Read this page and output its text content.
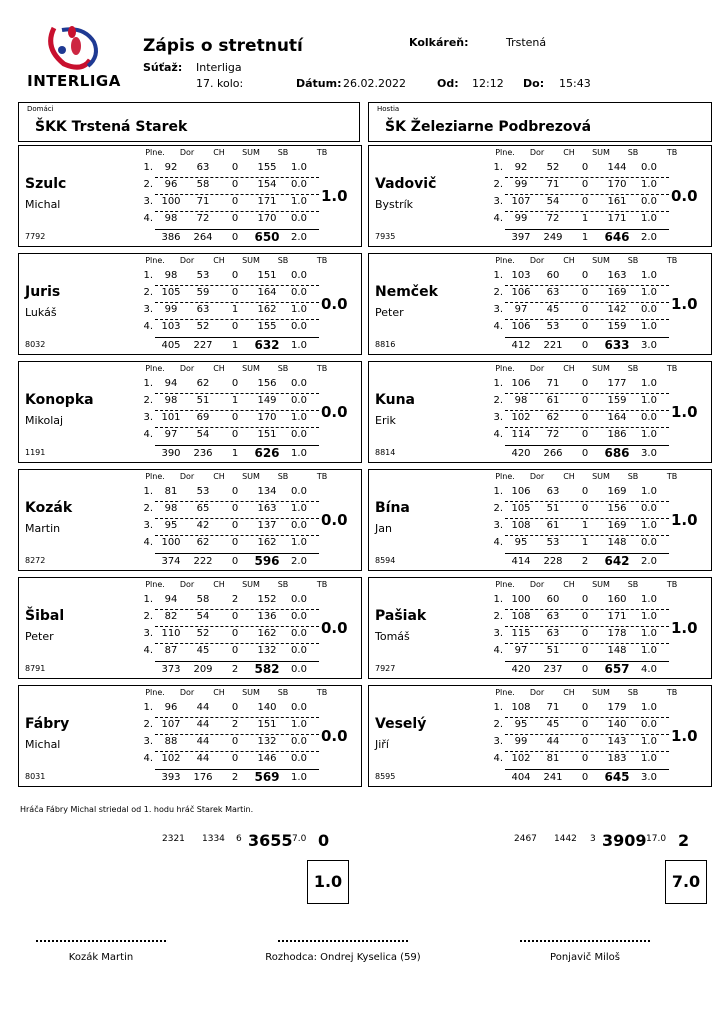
INTERLIGA
Zápis o stretnutí	Kolkáreň:	Trstená
Súťaž: Interliga
17. kolo:	Dátum: 26.02.2022	Od: 12:12 Do: 15:43
Domáci
ŠKK Trstená Starek
Hostia
ŠK Železiarne Podbrezová
Plne.	Dor	CH	SUM	SB	TB
Szulc
Michal
7792
1.	92	63	0	155	1.0
2.	96	58	0	154	0.0
3. 100	71	0	171	1.0
4.	98	72	0	170	0.0
386	264	0	650	2.0
1.0
Plne.	Dor	CH	SUM	SB	TB
Juris
Lukáš
8032
1.	98	53	0	151	0.0
2. 105	59	0	164	0.0
3.	99	63	1	162	1.0
4. 103	52	0	155	0.0
405	227	1	632	1.0
0.0
Plne.	Dor	CH	SUM	SB	TB
Konopka
Mikolaj
1191
1.	94	62	0	156	0.0
2.	98	51	1	149	0.0
3. 101	69	0	170	1.0
4.	97	54	0	151	0.0
390	236	1	626	1.0
0.0
Plne.	Dor	CH	SUM	SB	TB
Kozák
Martin
8272
1.	81	53	0	134	0.0
2.	98	65	0	163	1.0
3.	95	42	0	137	0.0
4. 100	62	0	162	1.0
374	222	0	596	2.0
0.0
Plne.	Dor	CH	SUM	SB	TB
Šibal
Peter
8791
1.	94	58	2	152	0.0
2.	82	54	0	136	0.0
3. 110	52	0	162	0.0
4.	87	45	0	132	0.0
373	209	2	582	0.0
0.0
Plne.	Dor	CH	SUM	SB	TB
Fábry
Michal
8031
1.	96	44	0	140	0.0
2. 107	44	2	151	1.0
3.	88	44	0	132	0.0
4. 102	44	0	146	0.0
393	176	2	569	1.0
0.0
Plne.	Dor	CH	SUM	SB	TB
Vadovič
Bystrík
7935
1.	92	52	0	144	0.0
2.	99	71	0	170	1.0
3. 107	54	0	161	0.0
4.	99	72	1	171	1.0
397	249	1	646	2.0
0.0
Plne.	Dor	CH	SUM	SB	TB
Nemček
Peter
8816
1. 103	60	0	163	1.0
2. 106	63	0	169	1.0
3.	97	45	0	142	0.0
4. 106	53	0	159	1.0
412	221	0	633	3.0
1.0
Plne.	Dor	CH	SUM	SB	TB
Kuna
Erik
8814
1. 106	71	0	177	1.0
2.	98	61	0	159	1.0
3. 102	62	0	164	0.0
4. 114	72	0	186	1.0
420	266	0	686	3.0
1.0
Plne.	Dor	CH	SUM	SB	TB
Bína
Jan
8594
1. 106	63	0	169	1.0
2. 105	51	0	156	0.0
3. 108	61	1	169	1.0
4.	95	53	1	148	0.0
414	228	2	642	2.0
1.0
Plne.	Dor	CH	SUM	SB	TB
Pašiak
Tomáš
7927
1. 100	60	0	160	1.0
2. 108	63	0	171	1.0
3. 115	63	0	178	1.0
4.	97	51	0	148	1.0
420	237	0	657	4.0
1.0
Plne.	Dor	CH	SUM	SB	TB
Veselý
Jiří
8595
1. 108	71	0	179	1.0
2.	95	45	0	140	0.0
3.	99	44	0	143	1.0
4. 102	81	0	183	1.0
404	241	0	645	3.0
1.0
Hráča Fábry Michal striedal od 1. hodu hráč Starek Martin.
2321 1334 6 3655 7.0 0	2467 1442 3 3909 17.0 2
1.0	7.0
Kozák Martin	Rozhodca: Ondrej Kyselica (59)	Ponjavič Miloš
